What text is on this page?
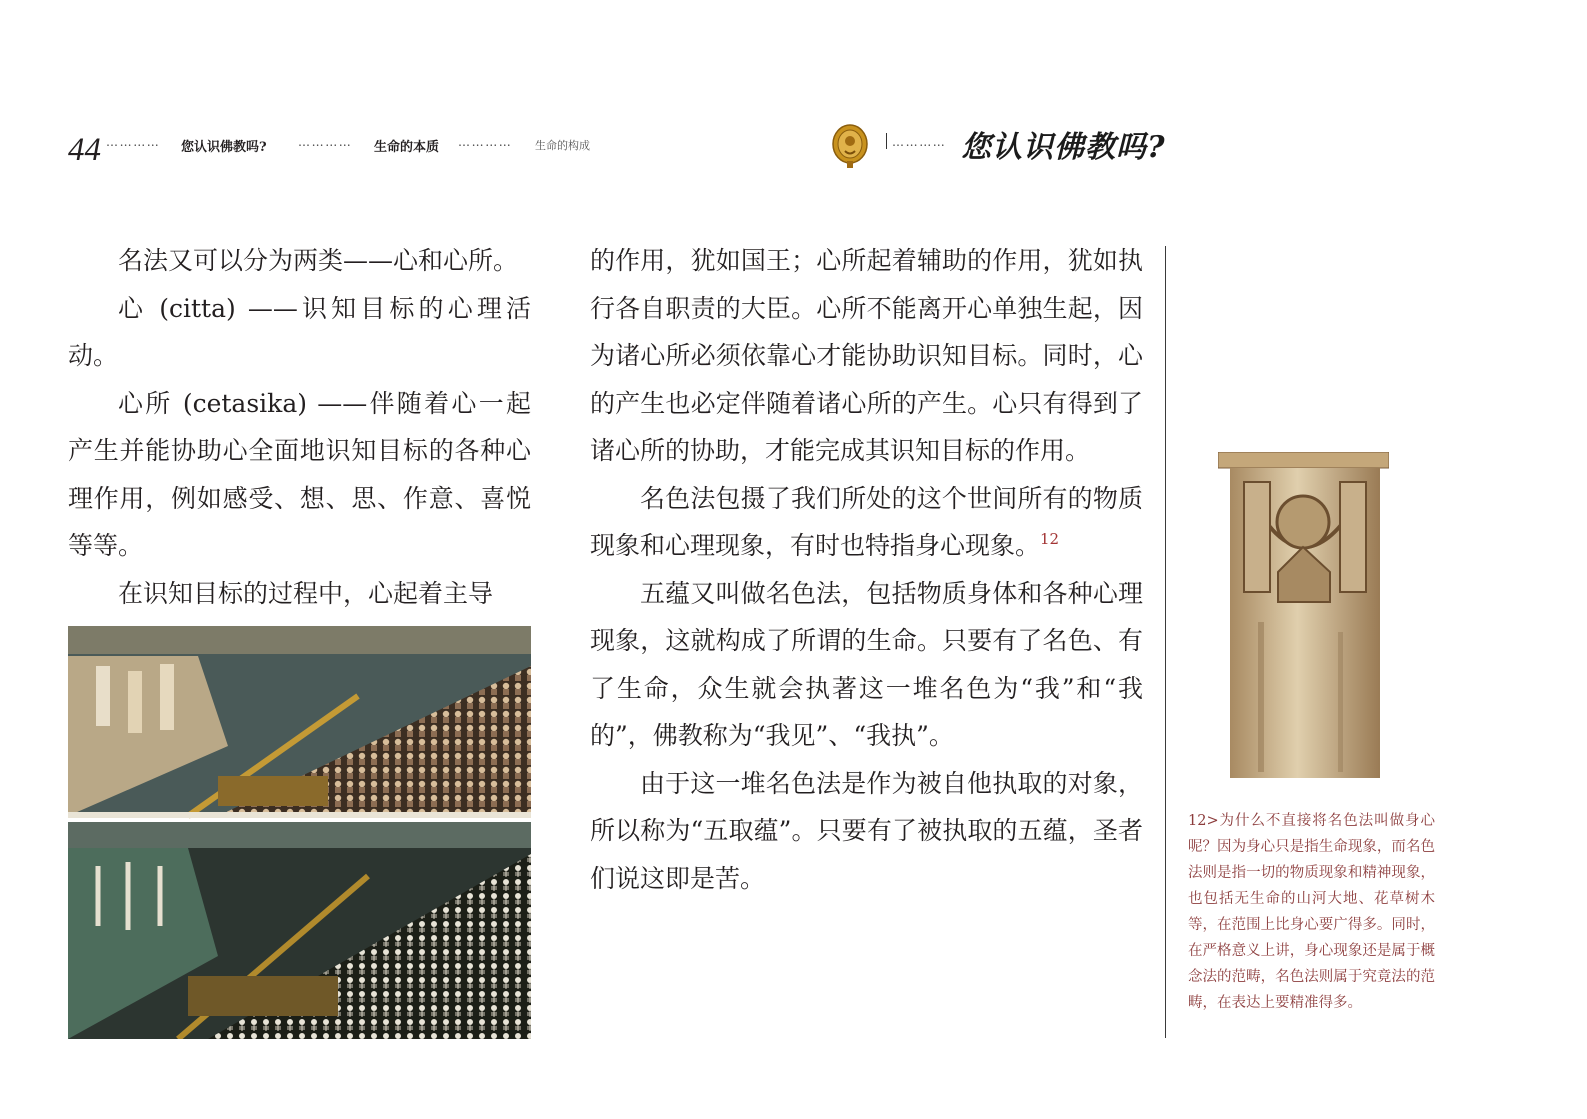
44 ………… 您认识佛教吗?	………… 生命的本质 ………… 生命的构成	………… 您认识佛教吗?

名法又可以分为两类——心和心所。

心 (citta) ——识知目标的心理活动。

心所 (cetasika) ——伴随着心一起产生并能协助心全面地识知目标的各种心理作用，例如感受、想、思、作意、喜悦等等。

在识知目标的过程中，心起着主导

的作用，犹如国王；心所起着辅助的作用，犹如执行各自职责的大臣。心所不能离开心单独生起，因为诸心所必须依靠心才能协助识知目标。同时，心的产生也必定伴随着诸心所的产生。心只有得到了诸心所的协助，才能完成其识知目标的作用。

名色法包摄了我们所处的这个世间所有的物质现象和心理现象，有时也特指身心现象。$^{12}$

五蕴又叫做名色法，包括物质身体和各种心理现象，这就构成了所谓的生命。只要有了名色、有了生命，众生就会执著这一堆名色为“我”和“我的”，佛教称为“我见”、“我执”。

由于这一堆名色法是作为被自他执取的对象，所以称为“五取蕴”。只要有了被执取的五蕴，圣者们说这即是苦。

12>为什么不直接将名色法叫做身心呢？因为身心只是指生命现象，而名色法则是指一切的物质现象和精神现象，也包括无生命的山河大地、花草树木等，在范围上比身心要广得多。同时，在严格意义上讲，身心现象还是属于概念法的范畴，名色法则属于究竟法的范畴，在表达上要精准得多。
